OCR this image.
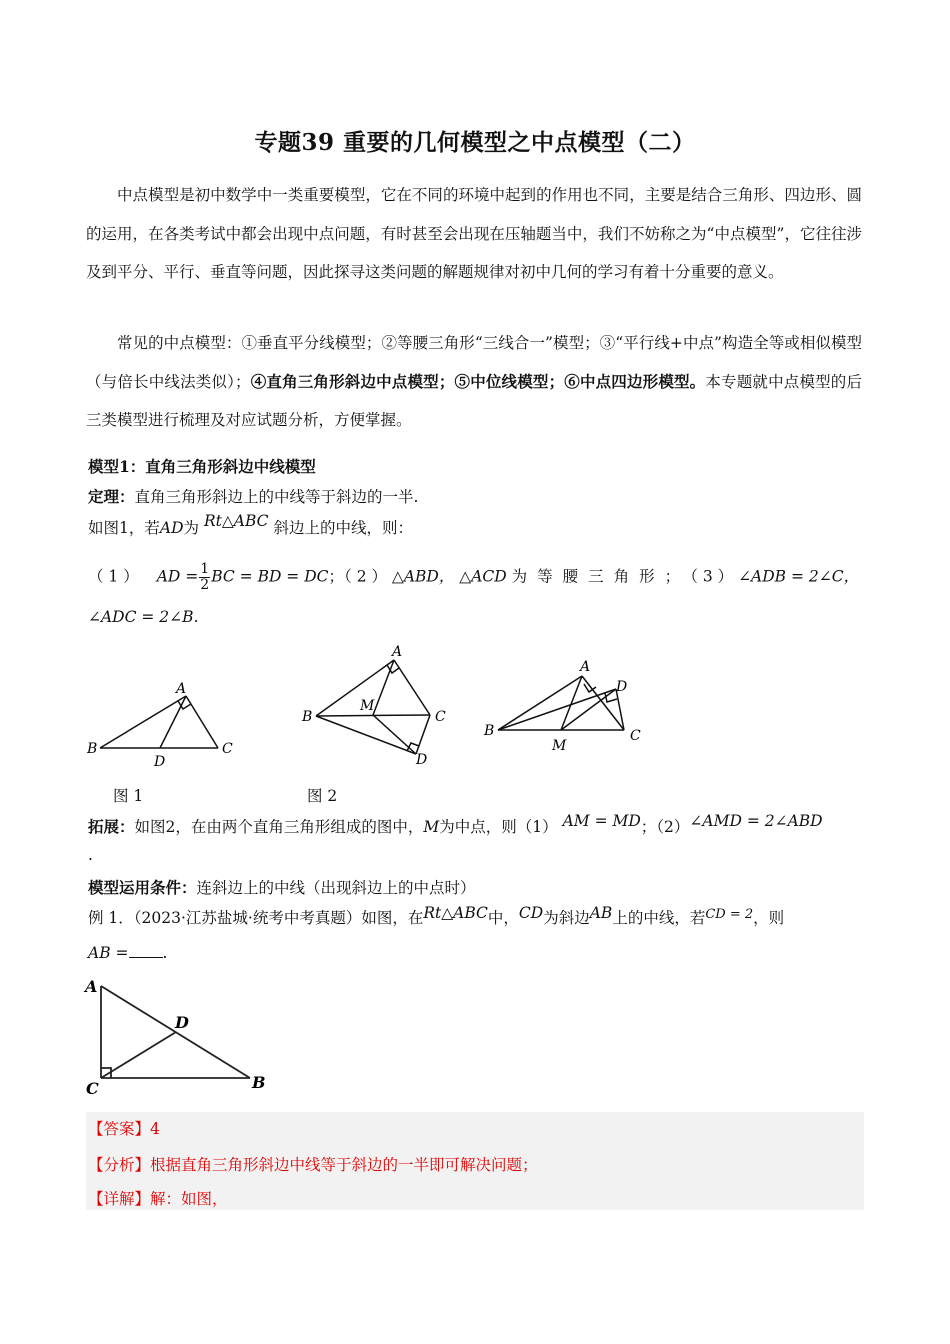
专题39 重要的几何模型之中点模型（二）
中点模型是初中数学中一类重要模型，它在不同的环境中起到的作用也不同，主要是结合三角形、四边形、圆的运用，在各类考试中都会出现中点问题，有时甚至会出现在压轴题当中，我们不妨称之为“中点模型”，它往往涉及到平分、平行、垂直等问题，因此探寻这类问题的解题规律对初中几何的学习有着十分重要的意义。
常见的中点模型：①垂直平分线模型；②等腰三角形“三线合一”模型；③“平行线+中点”构造全等或相似模型（与倍长中线法类似）；④直角三角形斜边中点模型；⑤中位线模型；⑥中点四边形模型。本专题就中点模型的后三类模型进行梳理及对应试题分析，方便掌握。
模型1：直角三角形斜边中线模型
定理：直角三角形斜边上的中线等于斜边的一半.
如图1，若AD为 Rt△ABC 斜边上的中线，则：
（ 1 ） AD = $\frac{1}{2}$ BC = BD = DC；（ 2 ） △ABD， △ACD 为等腰三角形；（ 3 ） ∠ADB = 2∠C，
∠ADC = 2∠B.
A
B	C
D
A
B	C
D
M
A
B	C
D
M
图 1	图 2
拓展：如图2，在由两个直角三角形组成的图中，M为中点，则（1） AM = MD；（2）∠AMD = 2∠ABD
.
模型运用条件：连斜边上的中线（出现斜边上的中点时）
例 1．（2023·江苏盐城·统考中考真题）如图，在Rt△ABC中，CD为斜边AB上的中线，若$^{CD = 2}$，则
AB = .
A
D
C	B
【答案】4
【分析】根据直角三角形斜边中线等于斜边的一半即可解决问题；
【详解】解：如图，
